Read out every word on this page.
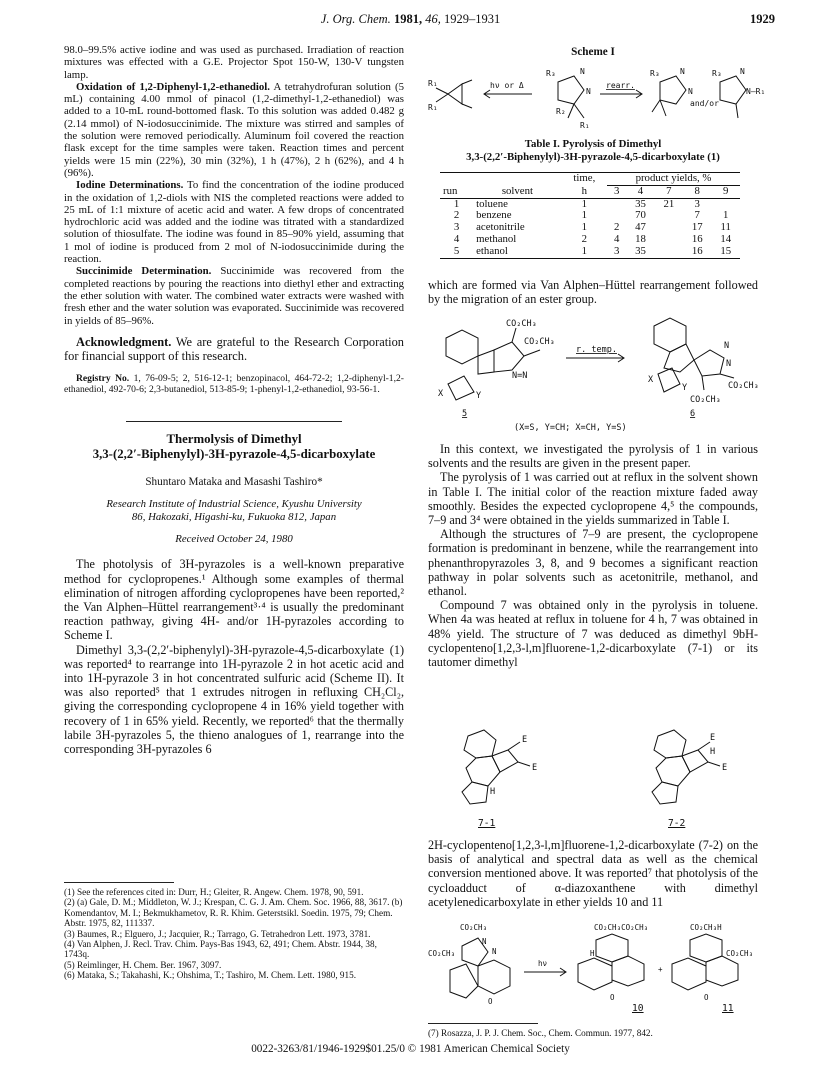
J. Org. Chem. 1981, 46, 1929–1931	1929

98.0–99.5% active iodine and was used as purchased. Irradiation of reaction mixtures was effected with a G.E. Projector Spot 150-W, 130-V tungsten lamp.

Oxidation of 1,2-Diphenyl-1,2-ethanediol. A tetrahydrofuran solution (5 mL) containing 4.00 mmol of pinacol (1,2-dimethyl-1,2-ethanediol) was added to a 10-mL round-bottomed flask. To this solution was added 0.482 g (2.14 mmol) of N-iodosuccinimide. The mixture was stirred and samples of the solution were removed periodically. Aluminum foil covered the reaction flask except for the time samples were taken. Reaction times and percent yields were 15 min (22%), 30 min (32%), 1 h (47%), 2 h (62%), and 4 h (96%).

Iodine Determinations. To find the concentration of the iodine produced in the oxidation of 1,2-diols with NIS the completed reactions were added to 25 mL of 1:1 mixture of acetic acid and water. A few drops of concentrated hydrochloric acid was added and the iodine was titrated with a standardized solution of thiosulfate. The iodine was found in 85–90% yield, assuming that 1 mol of iodine is produced from 2 mol of N-iodosuccinimide during the reaction.

Succinimide Determination. Succinimide was recovered from the completed reactions by pouring the reactions into diethyl ether and extracting the ether solution with water. The combined water extracts were washed with fresh ether and the water solution was evaporated. Succinimide was recovered in yields of 85–96%.

Acknowledgment. We are grateful to the Research Corporation for financial support of this research.

Registry No. 1, 76-09-5; 2, 516-12-1; benzopinacol, 464-72-2; 1,2-diphenyl-1,2-ethanediol, 492-70-6; 2,3-butanediol, 513-85-9; 1-phenyl-1,2-ethanediol, 93-56-1.

Thermolysis of Dimethyl
3,3-(2,2′-Biphenylyl)-3H-pyrazole-4,5-dicarboxylate
Shuntaro Mataka and Masashi Tashiro*
Research Institute of Industrial Science, Kyushu University
86, Hakozaki, Higashi-ku, Fukuoka 812, Japan
Received October 24, 1980

The photolysis of 3H-pyrazoles is a well-known preparative method for cyclopropenes.¹ Although some examples of thermal elimination of nitrogen affording cyclopropenes have been reported,² the Van Alphen–Hüttel rearrangement³·⁴ is usually the predominant reaction pathway, giving 4H- and/or 1H-pyrazoles according to Scheme I.

Dimethyl 3,3-(2,2′-biphenylyl)-3H-pyrazole-4,5-dicarboxylate (1) was reported⁴ to rearrange into 1H-pyrazole 2 in hot acetic acid and into 1H-pyrazole 3 in hot concentrated sulfuric acid (Scheme II). It was also reported⁵ that 1 extrudes nitrogen in refluxing CH₂Cl₂, giving the corresponding cyclopropene 4 in 16% yield together with recovery of 1 in 65% yield. Recently, we reported⁶ that the thermally labile 3H-pyrazoles 5, the thieno analogues of 1, rearrange into the corresponding 3H-pyrazoles 6

(1) See the references cited in: Durr, H.; Gleiter, R. Angew. Chem. 1978, 90, 591.
(2) (a) Gale, D. M.; Middleton, W. J.; Krespan, C. G. J. Am. Chem. Soc. 1966, 88, 3617. (b) Komendantov, M. I.; Bekmukhametov, R. R. Khim. Geterstsikl. Soedin. 1975, 79; Chem. Abstr. 1975, 82, 111337.
(3) Baumes, R.; Elguero, J.; Jacquier, R.; Tarrago, G. Tetrahedron Lett. 1973, 3781.
(4) Van Alphen, J. Recl. Trav. Chim. Pays-Bas 1943, 62, 491; Chem. Abstr. 1944, 38, 1743q.
(5) Reimlinger, H. Chem. Ber. 1967, 3097.
(6) Mataka, S.; Takahashi, K.; Ohshima, T.; Tashiro, M. Chem. Lett. 1980, 915.
Scheme I
R₁
R₁
hν or Δ
R₃	N
N
R₂
R₁
rearr.
R₃	N
N
and/or
R₃ N
N–R₁
Table I. Pyrolysis of Dimethyl
3,3-(2,2′-Biphenylyl)-3H-pyrazole-4,5-dicarboxylate (1)
		time,	product yields, %				
run	solvent	h	3	4	7	8	9
1	toluene	1		35	21	3	
2	benzene	1		70		7	1
3	acetonitrile	1	2	47		17	11
4	methanol	2	4	18		16	14
5	ethanol	1	3	35		16	15

which are formed via Van Alphen–Hüttel rearrangement followed by the migration of an ester group.

CO₂CH₃
CO₂CH₃
N=N
X	Y
r. temp.	N
N
CO₂CH₃
CO₂CH₃
X
Y
5	6
(X=S, Y=CH; X=CH, Y=S)

In this context, we investigated the pyrolysis of 1 in various solvents and the results are given in the present paper.

The pyrolysis of 1 was carried out at reflux in the solvent shown in Table I. The initial color of the reaction mixture faded away smoothly. Besides the expected cyclopropene 4,⁵ the compounds, 7–9 and 3⁴ were obtained in the yields summarized in Table I.

Although the structures of 7–9 are present, the cyclopropene formation is predominant in benzene, while the rearrangement into phenanthropyrazoles 3, 8, and 9 becomes a significant reaction pathway in polar solvents such as acetonitrile, methanol, and ethanol.

Compound 7 was obtained only in the pyrolysis in toluene. When 4a was heated at reflux in toluene for 4 h, 7 was obtained in 48% yield. The structure of 7 was deduced as dimethyl 9bH-cyclopenteno[1,2,3-l,m]fluorene-1,2-dicarboxylate (7-1) or its tautomer dimethyl

E
E
H
E
H
E
7-1	7-2

2H-cyclopenteno[1,2,3-l,m]fluorene-1,2-dicarboxylate (7-2) on the basis of analytical and spectral data as well as the chemical conversion mentioned above. It was reported⁷ that photolysis of the cycloadduct of α-diazoxanthene with dimethyl acetylenedicarboxylate in ether yields 10 and 11

CO₂CH₃
N
N
CO₂CH₃
hν
CO₂CH₃CO₂CH₃
H
+
CO₂CH₃H
CO₂CH₃
O	O	O
10	11
(7) Rosazza, J. P. J. Chem. Soc., Chem. Commun. 1977, 842.
0022-3263/81/1946-1929$01.25/0 © 1981 American Chemical Society
